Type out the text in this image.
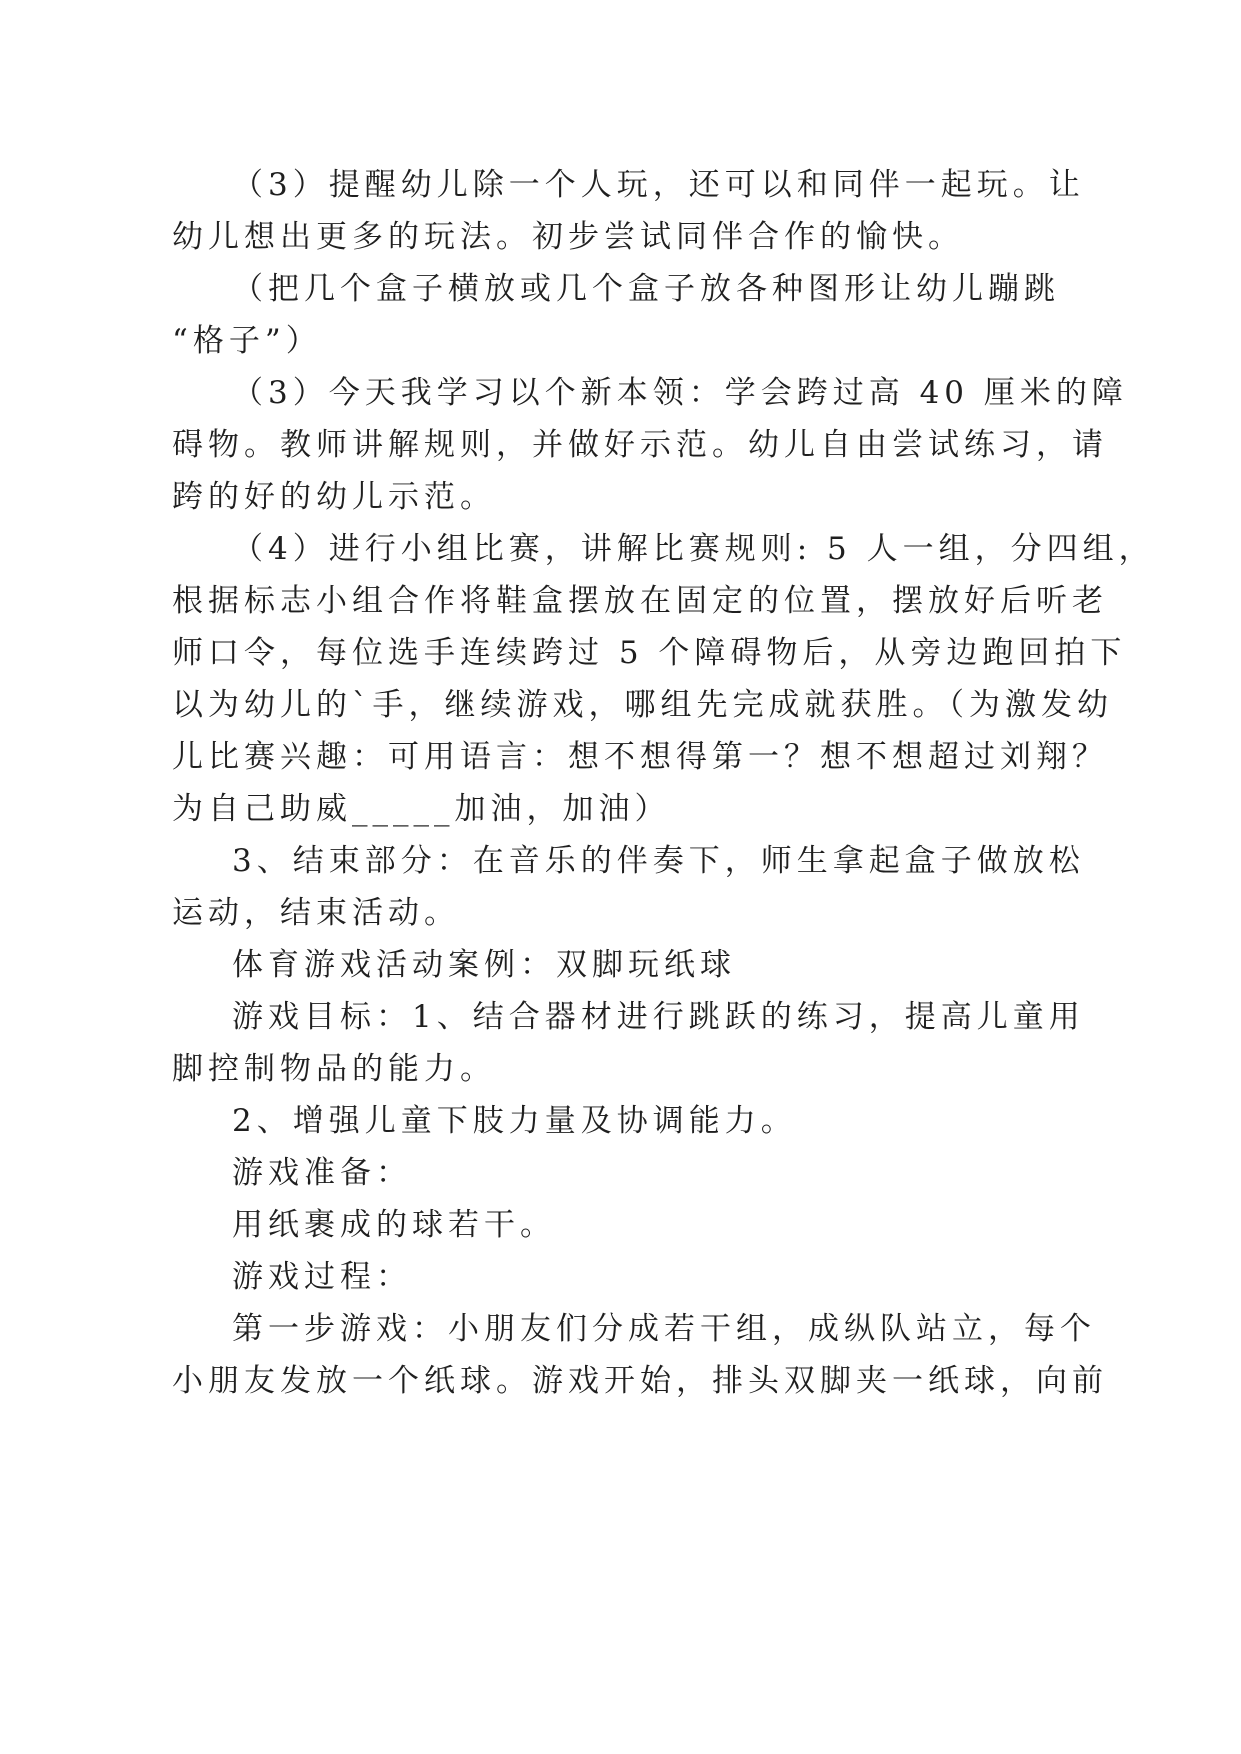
（3）提醒幼儿除一个人玩，还可以和同伴一起玩。让
幼儿想出更多的玩法。初步尝试同伴合作的愉快。
（把几个盒子横放或几个盒子放各种图形让幼儿蹦跳
“格子”）
（3）今天我学习以个新本领：学会跨过高 40 厘米的障
碍物。教师讲解规则，并做好示范。幼儿自由尝试练习，请
跨的好的幼儿示范。
（4）进行小组比赛，讲解比赛规则: 5 人一组，分四组，
根据标志小组合作将鞋盒摆放在固定的位置，摆放好后听老
师口令，每位选手连续跨过 5 个障碍物后，从旁边跑回拍下
以为幼儿的`手，继续游戏，哪组先完成就获胜。（为激发幼
儿比赛兴趣：可用语言：想不想得第一？想不想超过刘翔？
为自己助威_____加油，加油）
3、结束部分：在音乐的伴奏下，师生拿起盒子做放松
运动，结束活动。
体育游戏活动案例：双脚玩纸球
游戏目标：1、结合器材进行跳跃的练习，提高儿童用
脚控制物品的能力。
2、增强儿童下肢力量及协调能力。
游戏准备：
用纸裹成的球若干。
游戏过程：
第一步游戏：小朋友们分成若干组，成纵队站立，每个
小朋友发放一个纸球。游戏开始，排头双脚夹一纸球，向前
